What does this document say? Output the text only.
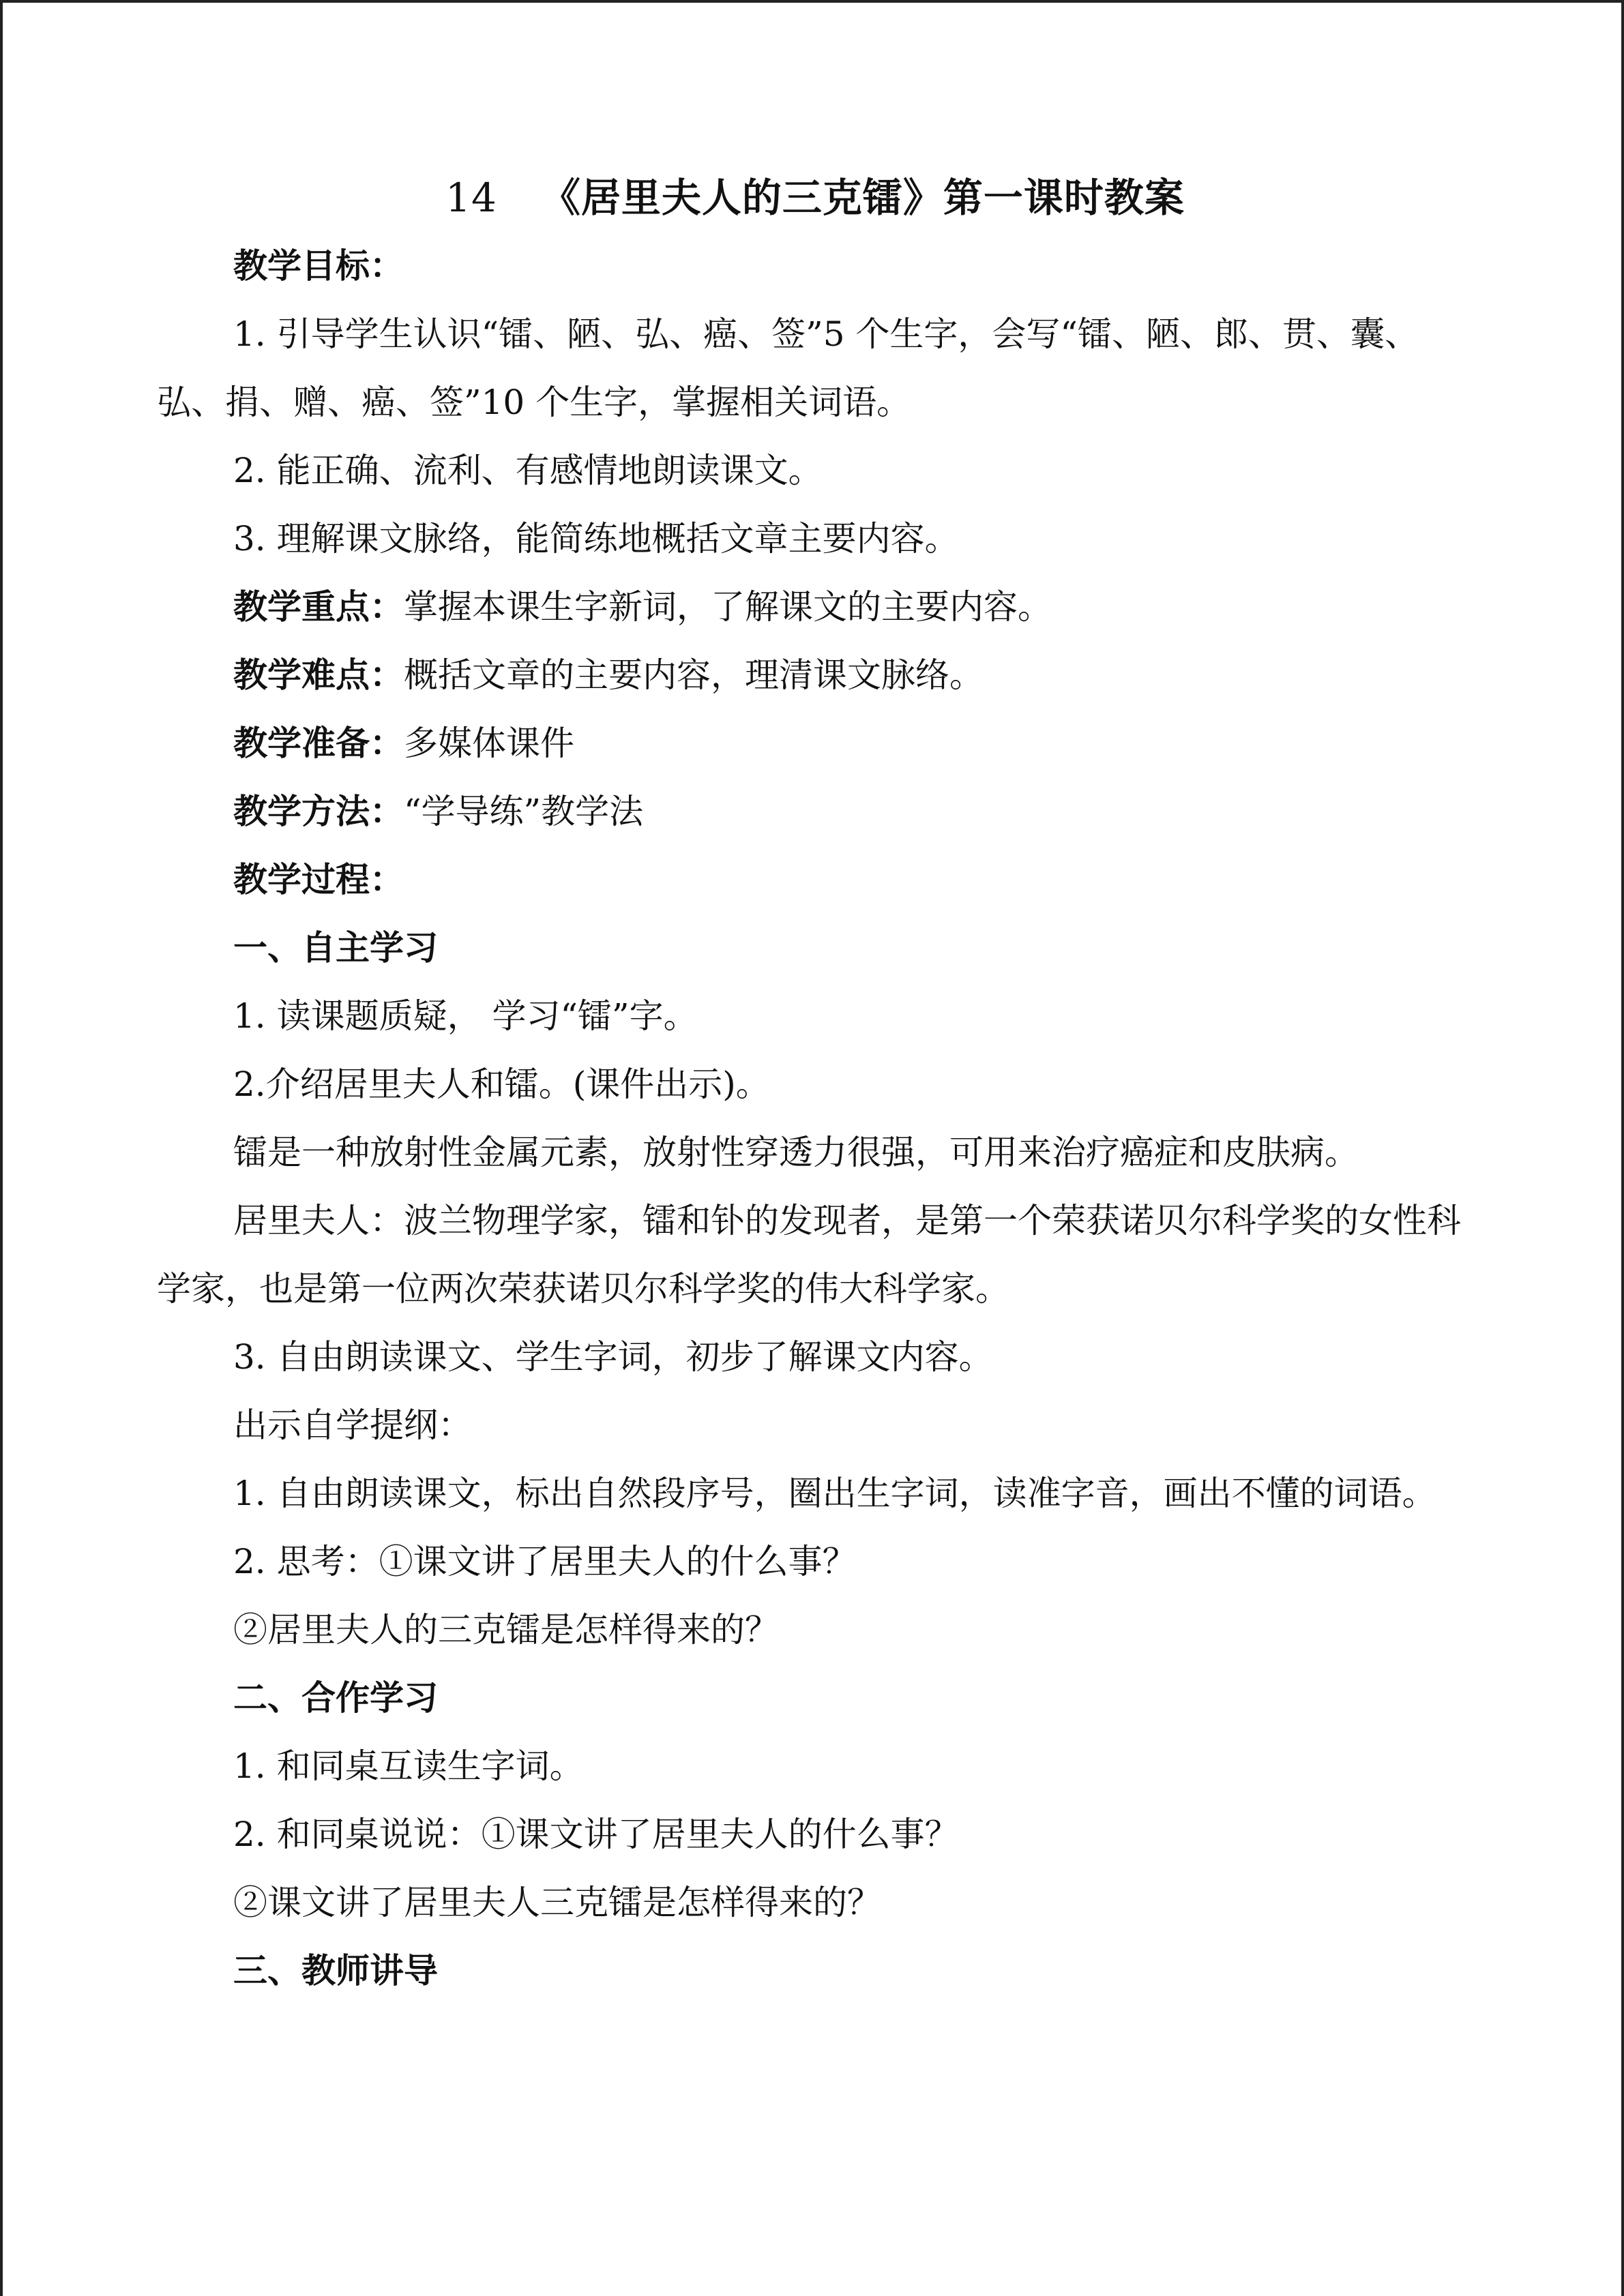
14 《居里夫人的三克镭》第一课时教案
教学目标：
1. 引导学生认识“镭、陋、弘、癌、签”5 个生字，会写“镭、陋、郎、贯、囊、弘、捐、赠、癌、签”10 个生字，掌握相关词语。
2. 能正确、流利、有感情地朗读课文。
3. 理解课文脉络，能简练地概括文章主要内容。
教学重点：掌握本课生字新词，了解课文的主要内容。
教学难点：概括文章的主要内容，理清课文脉络。
教学准备：多媒体课件
教学方法：“学导练”教学法
教学过程：
一、自主学习
1. 读课题质疑， 学习“镭”字。
2.介绍居里夫人和镭。(课件出示)。
镭是一种放射性金属元素，放射性穿透力很强，可用来治疗癌症和皮肤病。
居里夫人：波兰物理学家，镭和钋的发现者，是第一个荣获诺贝尔科学奖的女性科学家，也是第一位两次荣获诺贝尔科学奖的伟大科学家。
3. 自由朗读课文、学生字词，初步了解课文内容。
出示自学提纲：
1. 自由朗读课文，标出自然段序号，圈出生字词，读准字音，画出不懂的词语。
2. 思考：①课文讲了居里夫人的什么事？
②居里夫人的三克镭是怎样得来的？
二、合作学习
1. 和同桌互读生字词。
2. 和同桌说说：①课文讲了居里夫人的什么事？
②课文讲了居里夫人三克镭是怎样得来的？
三、教师讲导
